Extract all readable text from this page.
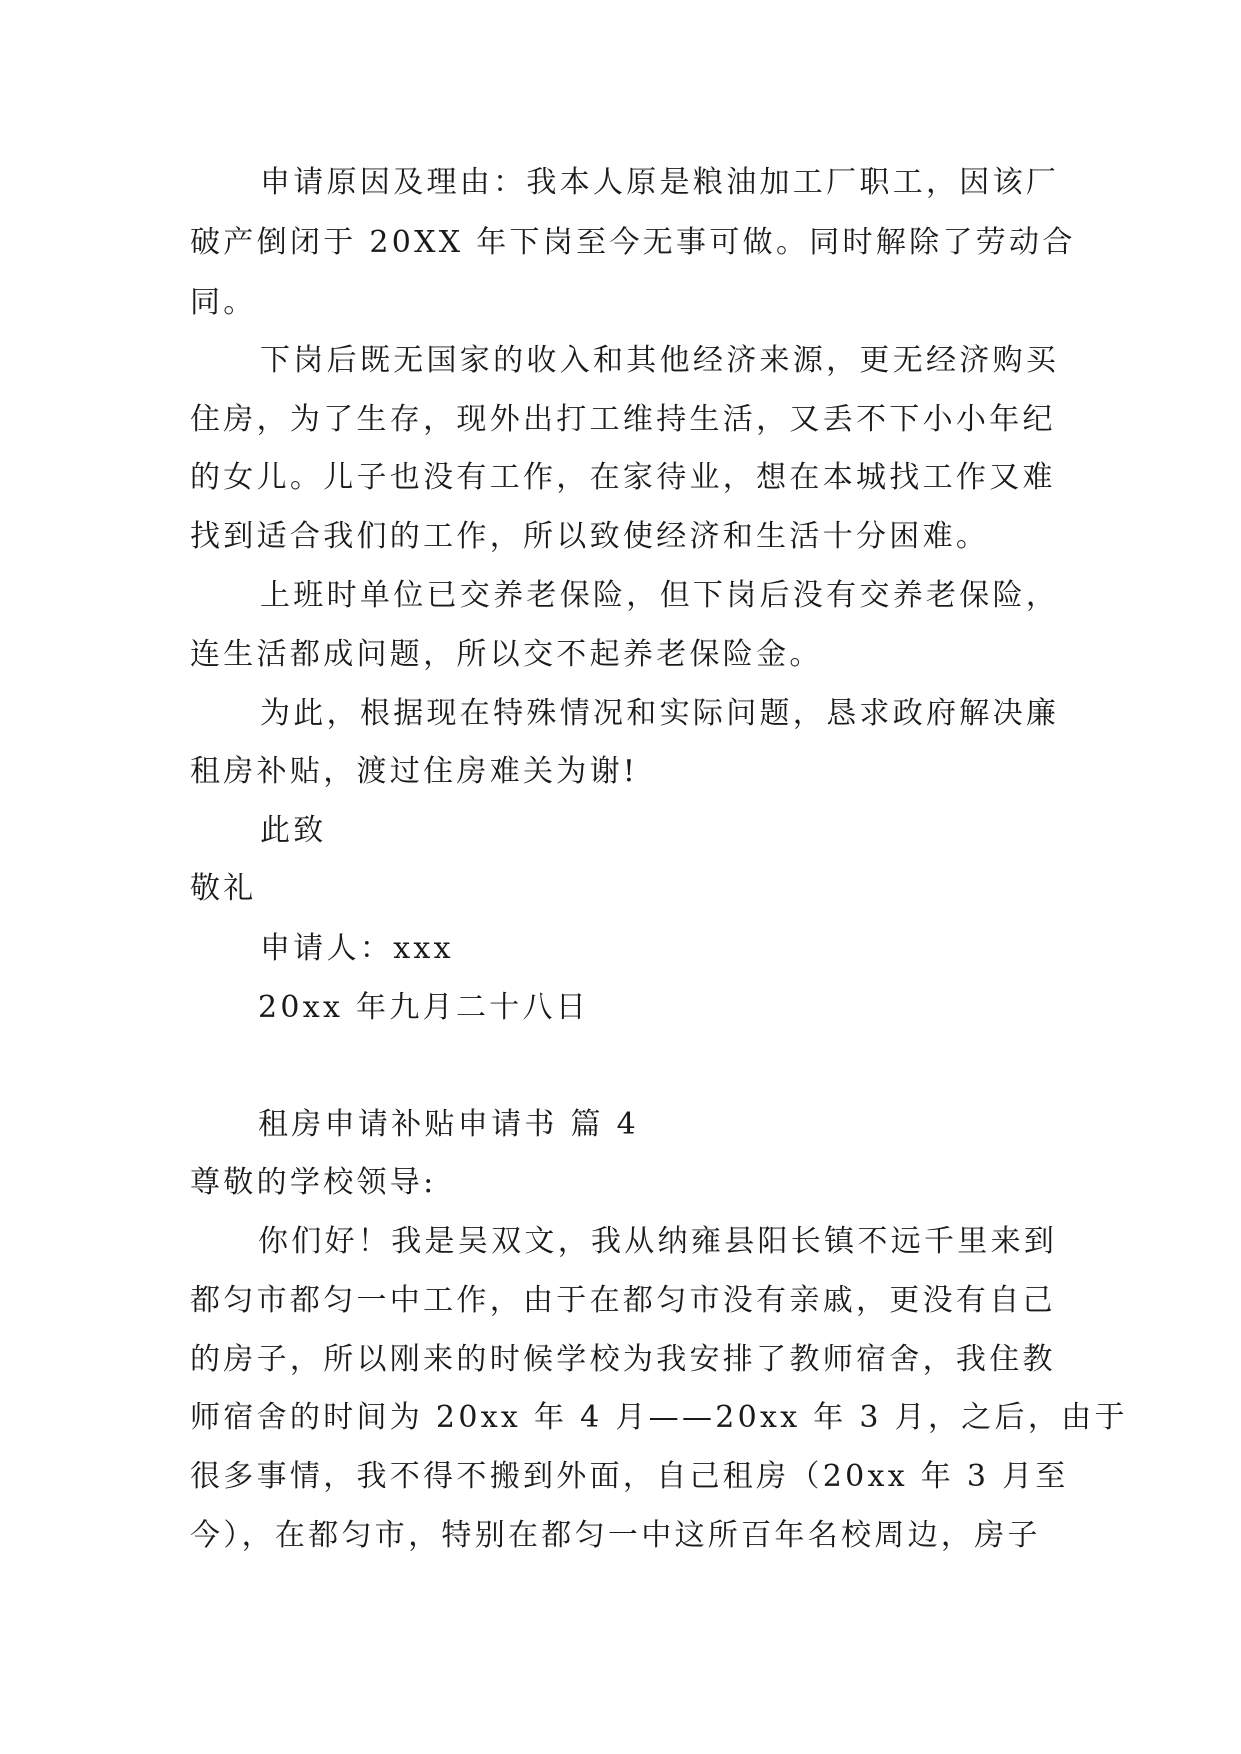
申请原因及理由：我本人原是粮油加工厂职工，因该厂
破产倒闭于 20XX 年下岗至今无事可做。同时解除了劳动合
同。
下岗后既无国家的收入和其他经济来源，更无经济购买
住房，为了生存，现外出打工维持生活，又丢不下小小年纪
的女儿。儿子也没有工作，在家待业，想在本城找工作又难
找到适合我们的工作，所以致使经济和生活十分困难。
上班时单位已交养老保险，但下岗后没有交养老保险，
连生活都成问题，所以交不起养老保险金。
为此，根据现在特殊情况和实际问题，恳求政府解决廉
租房补贴，渡过住房难关为谢!
此致
敬礼
申请人：xxx
20xx 年九月二十八日
租房申请补贴申请书 篇 4
尊敬的学校领导:
你们好！我是吴双文，我从纳雍县阳长镇不远千里来到
都匀市都匀一中工作，由于在都匀市没有亲戚，更没有自己
的房子，所以刚来的时候学校为我安排了教师宿舍，我住教
师宿舍的时间为 20xx 年 4 月——20xx 年 3 月，之后，由于
很多事情，我不得不搬到外面，自己租房（20xx 年 3 月至
今），在都匀市，特别在都匀一中这所百年名校周边，房子
